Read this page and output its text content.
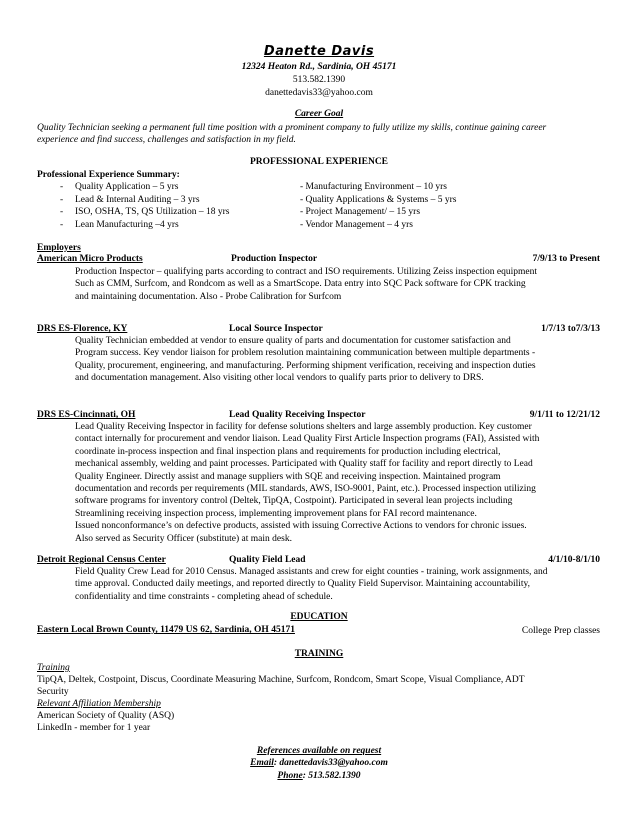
Danette Davis
12324 Heaton Rd., Sardinia, OH 45171
513.582.1390
danettedavis33@yahoo.com
Career Goal
Quality Technician seeking a permanent full time position with a prominent company to fully utilize my skills, continue gaining career
experience and find success, challenges and satisfaction in my field.
PROFESSIONAL EXPERIENCE
Professional Experience Summary:
-
-
-
-
Quality Application – 5 yrs
Lead & Internal Auditing – 3 yrs
ISO, OSHA, TS, QS Utilization – 18 yrs
Lean Manufacturing –4 yrs
- Manufacturing Environment – 10 yrs
- Quality Applications & Systems – 5 yrs
- Project Management/ – 15 yrs
- Vendor Management – 4 yrs
Employers
American Micro Products	Production Inspector	7/9/13 to Present
Production Inspector – qualifying parts according to contract and ISO requirements. Utilizing Zeiss inspection equipment
Such as CMM, Surfcom, and Rondcom as well as a SmartScope. Data entry into SQC Pack software for CPK tracking
and maintaining documentation. Also - Probe Calibration for Surfcom
DRS ES-Florence, KY	Local Source Inspector	1/7/13 to7/3/13
Quality Technician embedded at vendor to ensure quality of parts and documentation for customer satisfaction and
Program success. Key vendor liaison for problem resolution maintaining communication between multiple departments -
Quality, procurement, engineering, and manufacturing. Performing shipment verification, receiving and inspection duties
and documentation management. Also visiting other local vendors to qualify parts prior to delivery to DRS.
DRS ES-Cincinnati, OH	Lead Quality Receiving Inspector	9/1/11 to 12/21/12
Lead Quality Receiving Inspector in facility for defense solutions shelters and large assembly production. Key customer
contact internally for procurement and vendor liaison. Lead Quality First Article Inspection programs (FAI), Assisted with
coordinate in-process inspection and final inspection plans and requirements for production including electrical,
mechanical assembly, welding and paint processes. Participated with Quality staff for facility and report directly to Lead
Quality Engineer. Directly assist and manage suppliers with SQE and receiving inspection. Maintained program
documentation and records per requirements (MIL standards, AWS, ISO-9001, Paint, etc.). Processed inspection utilizing
software programs for inventory control (Deltek, TipQA, Costpoint). Participated in several lean projects including
Streamlining receiving inspection process, implementing improvement plans for FAI record maintenance.
Issued nonconformance’s on defective products, assisted with issuing Corrective Actions to vendors for chronic issues.
Also served as Security Officer (substitute) at main desk.
Detroit Regional Census Center	Quality Field Lead	4/1/10-8/1/10
Field Quality Crew Lead for 2010 Census. Managed assistants and crew for eight counties - training, work assignments, and
time approval. Conducted daily meetings, and reported directly to Quality Field Supervisor. Maintaining accountability,
confidentiality and time constraints - completing ahead of schedule.
EDUCATION
Eastern Local Brown County, 11479 US 62, Sardinia, OH 45171	College Prep classes
TRAINING
Training
TipQA, Deltek, Costpoint, Discus, Coordinate Measuring Machine, Surfcom, Rondcom, Smart Scope, Visual Compliance, ADT
Security
Relevant Affiliation Membership
American Society of Quality (ASQ)
LinkedIn - member for 1 year
References available on request
Email: danettedavis33@yahoo.com
Phone: 513.582.1390
